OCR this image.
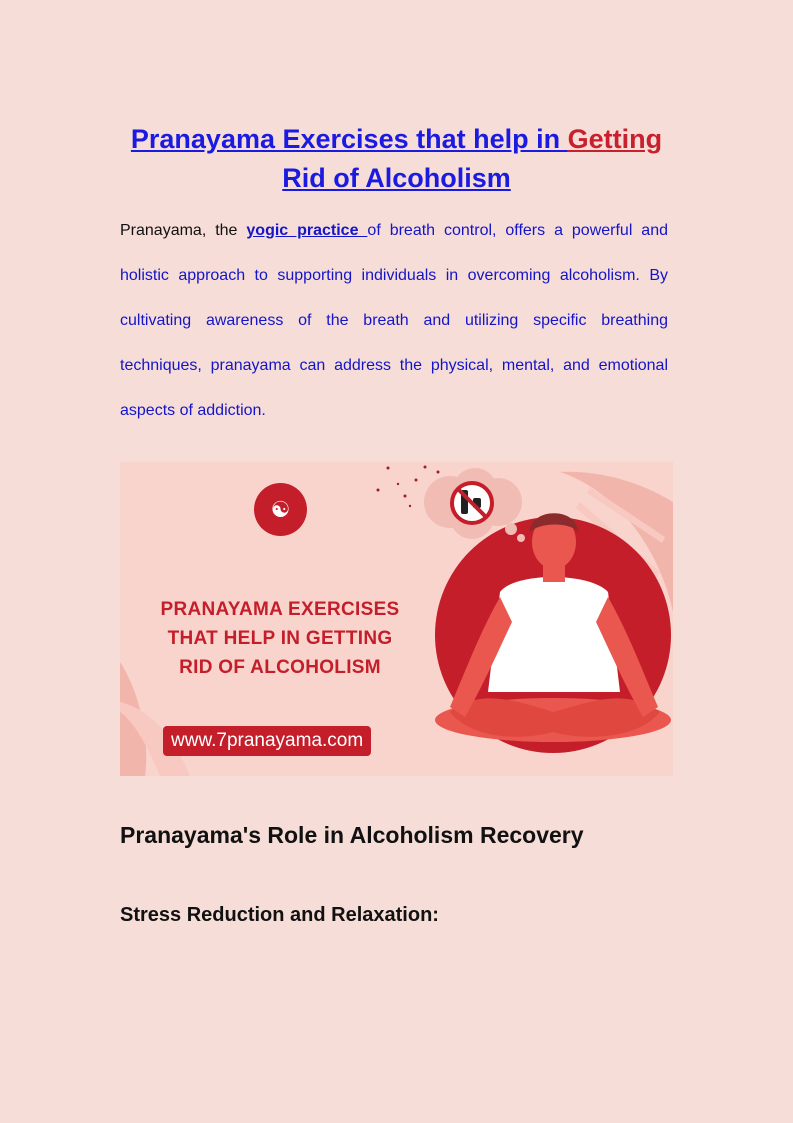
Pranayama Exercises that help in Getting
Rid of Alcoholism

Pranayama, the yogic practice of breath control, offers a powerful and holistic approach to supporting individuals in overcoming alcoholism. By cultivating awareness of the breath and utilizing specific breathing techniques, pranayama can address the physical, mental, and emotional aspects of addiction.

☯
PRANAYAMA EXERCISES
THAT HELP IN GETTING
RID OF ALCOHOLISM
www.7pranayama.com
Pranayama's Role in Alcoholism Recovery
Stress Reduction and Relaxation:
